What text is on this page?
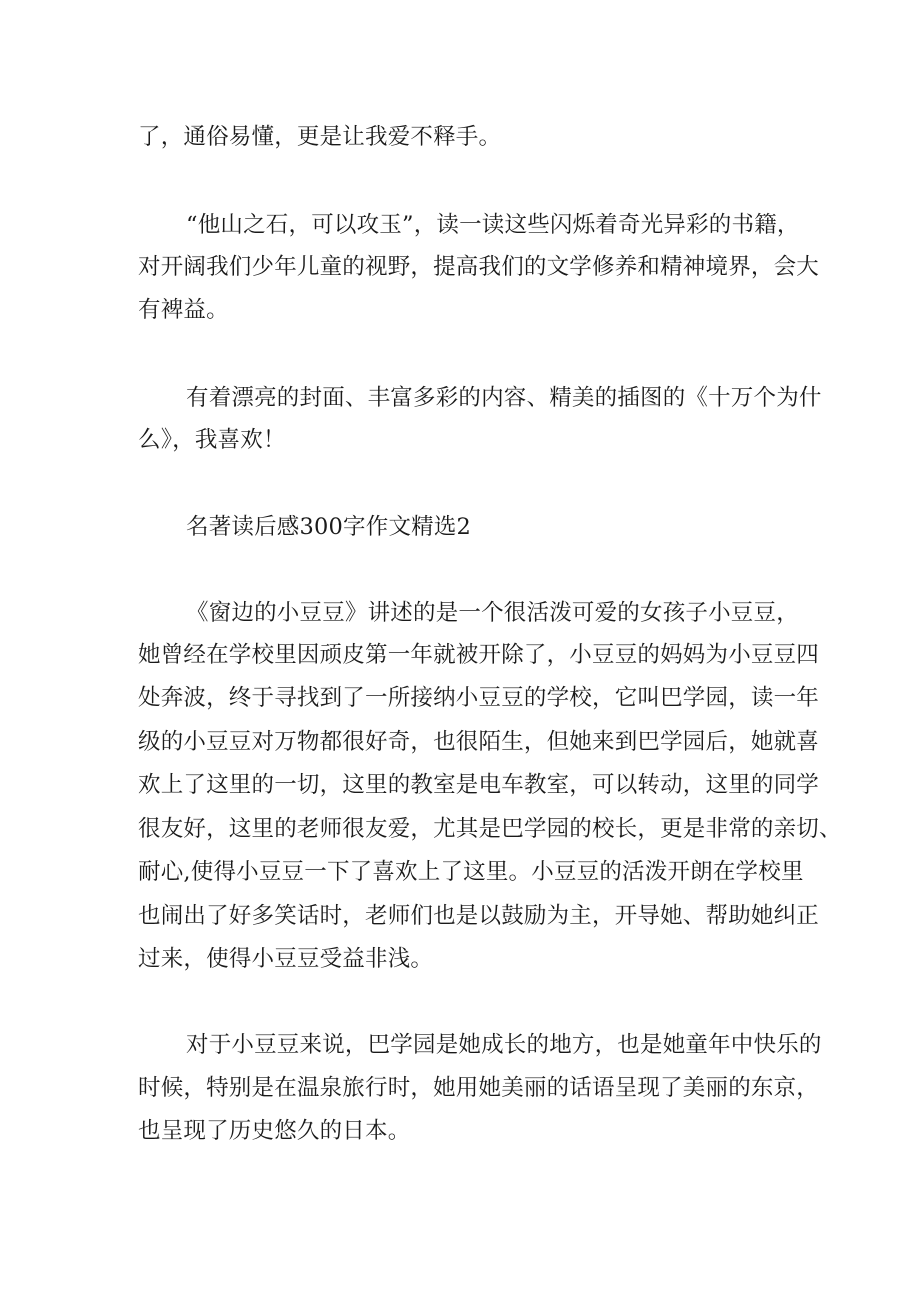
了，通俗易懂，更是让我爱不释手。

“他山之石，可以攻玉”，读一读这些闪烁着奇光异彩的书籍，

对开阔我们少年儿童的视野，提高我们的文学修养和精神境界，会大

有裨益。

有着漂亮的封面、丰富多彩的内容、精美的插图的《十万个为什

么》，我喜欢！

名著读后感300字作文精选2

《窗边的小豆豆》讲述的是一个很活泼可爱的女孩子小豆豆，

她曾经在学校里因顽皮第一年就被开除了，小豆豆的妈妈为小豆豆四

处奔波，终于寻找到了一所接纳小豆豆的学校，它叫巴学园，读一年

级的小豆豆对万物都很好奇，也很陌生，但她来到巴学园后，她就喜

欢上了这里的一切，这里的教室是电车教室，可以转动，这里的同学

很友好，这里的老师很友爱，尤其是巴学园的校长，更是非常的亲切、

耐心,使得小豆豆一下了喜欢上了这里。小豆豆的活泼开朗在学校里

也闹出了好多笑话时，老师们也是以鼓励为主，开导她、帮助她纠正

过来，使得小豆豆受益非浅。

对于小豆豆来说，巴学园是她成长的地方，也是她童年中快乐的

时候，特别是在温泉旅行时，她用她美丽的话语呈现了美丽的东京，

也呈现了历史悠久的日本。
